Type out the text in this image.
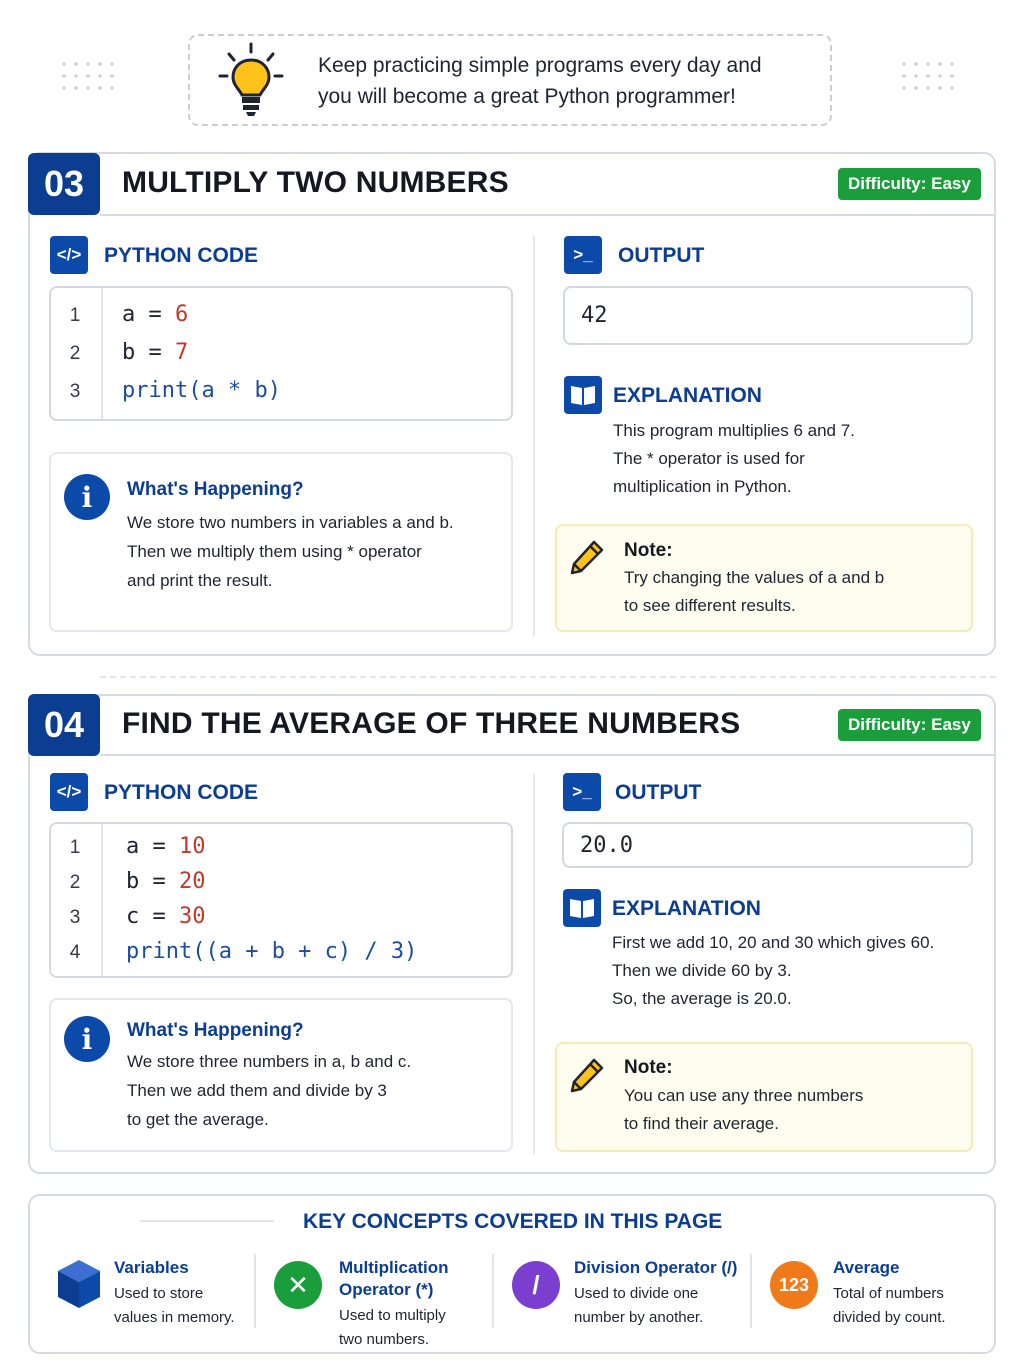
Keep practicing simple programs every day and
you will become a great Python programmer!
03	MULTIPLY TWO NUMBERS	Difficulty: Easy
</>	PYTHON CODE
1
2
3
a = 6
b = 7
print(a * b)
i	What's Happening?
We store two numbers in variables a and b.
Then we multiply them using * operator
and print the result.
>_	OUTPUT
42
EXPLANATION
This program multiplies 6 and 7.
The * operator is used for
multiplication in Python.
Note:
Try changing the values of a and b
to see different results.
04	FIND THE AVERAGE OF THREE NUMBERS	Difficulty: Easy
</>	PYTHON CODE
1
2
3
4
a = 10
b = 20
c = 30
print((a + b + c) / 3)
i	What's Happening?
We store three numbers in a, b and c.
Then we add them and divide by 3
to get the average.
>_	OUTPUT
20.0
EXPLANATION
First we add 10, 20 and 30 which gives 60.
Then we divide 60 by 3.
So, the average is 20.0.
Note:
You can use any three numbers
to find their average.
KEY CONCEPTS COVERED IN THIS PAGE
Variables
Used to store
values in memory.
✕
Multiplication
Operator (*)
Used to multiply
two numbers.
/
Division Operator (/)
Used to divide one
number by another.
123
Average
Total of numbers
divided by count.
